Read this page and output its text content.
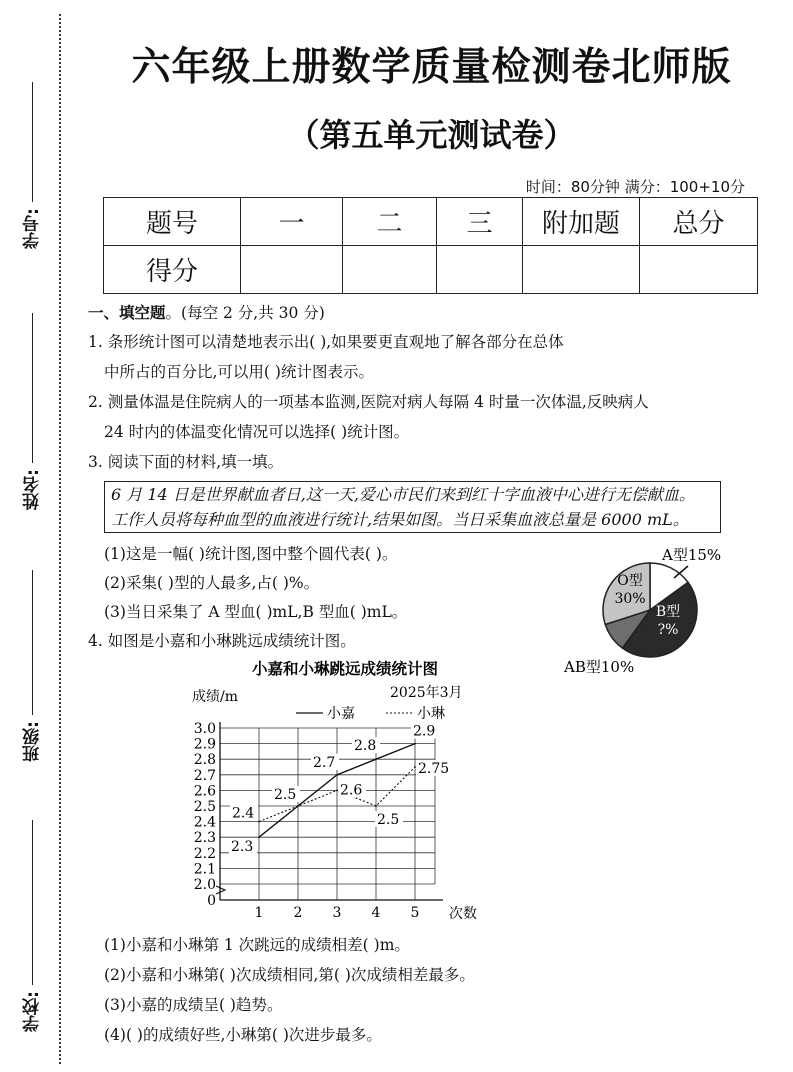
学号:
姓名:
班级:
学校:
六年级上册数学质量检测卷北师版
（第五单元测试卷）
时间：80分钟 满分：100+10分
题号	一	二	三	附加题	总分
得分					
一、填空题。(每空 2 分,共 30 分)
1. 条形统计图可以清楚地表示出( ),如果要更直观地了解各部分在总体
中所占的百分比,可以用( )统计图表示。
2. 测量体温是住院病人的一项基本监测,医院对病人每隔 4 时量一次体温,反映病人
24 时内的体温变化情况可以选择( )统计图。
3. 阅读下面的材料,填一填。
6 月 14 日是世界献血者日,这一天,爱心市民们来到红十字血液中心进行无偿献血。
工作人员将每种血型的血液进行统计,结果如图。当日采集血液总量是 6000 mL。
(1)这是一幅( )统计图,图中整个圆代表( )。
(2)采集( )型的人最多,占( )%。
(3)当日采集了 A 型血( )mL,B 型血( )mL。
4. 如图是小嘉和小琳跳远成绩统计图。
A型15%
B型
?%
O型
30%
AB型10%
小嘉和小琳跳远成绩统计图
成绩/m	2025年3月
小嘉	小琳
0
2.0
2.1
2.2
2.3
2.4
2.5
2.6
2.7
2.8
2.9
3.0
1 2 3 4 5 次数
2.3
2.5
2.7
2.8
2.9
2.4
2.6
2.5
2.75
(1)小嘉和小琳第 1 次跳远的成绩相差( )m。
(2)小嘉和小琳第( )次成绩相同,第( )次成绩相差最多。
(3)小嘉的成绩呈( )趋势。
(4)( )的成绩好些,小琳第( )次进步最多。
